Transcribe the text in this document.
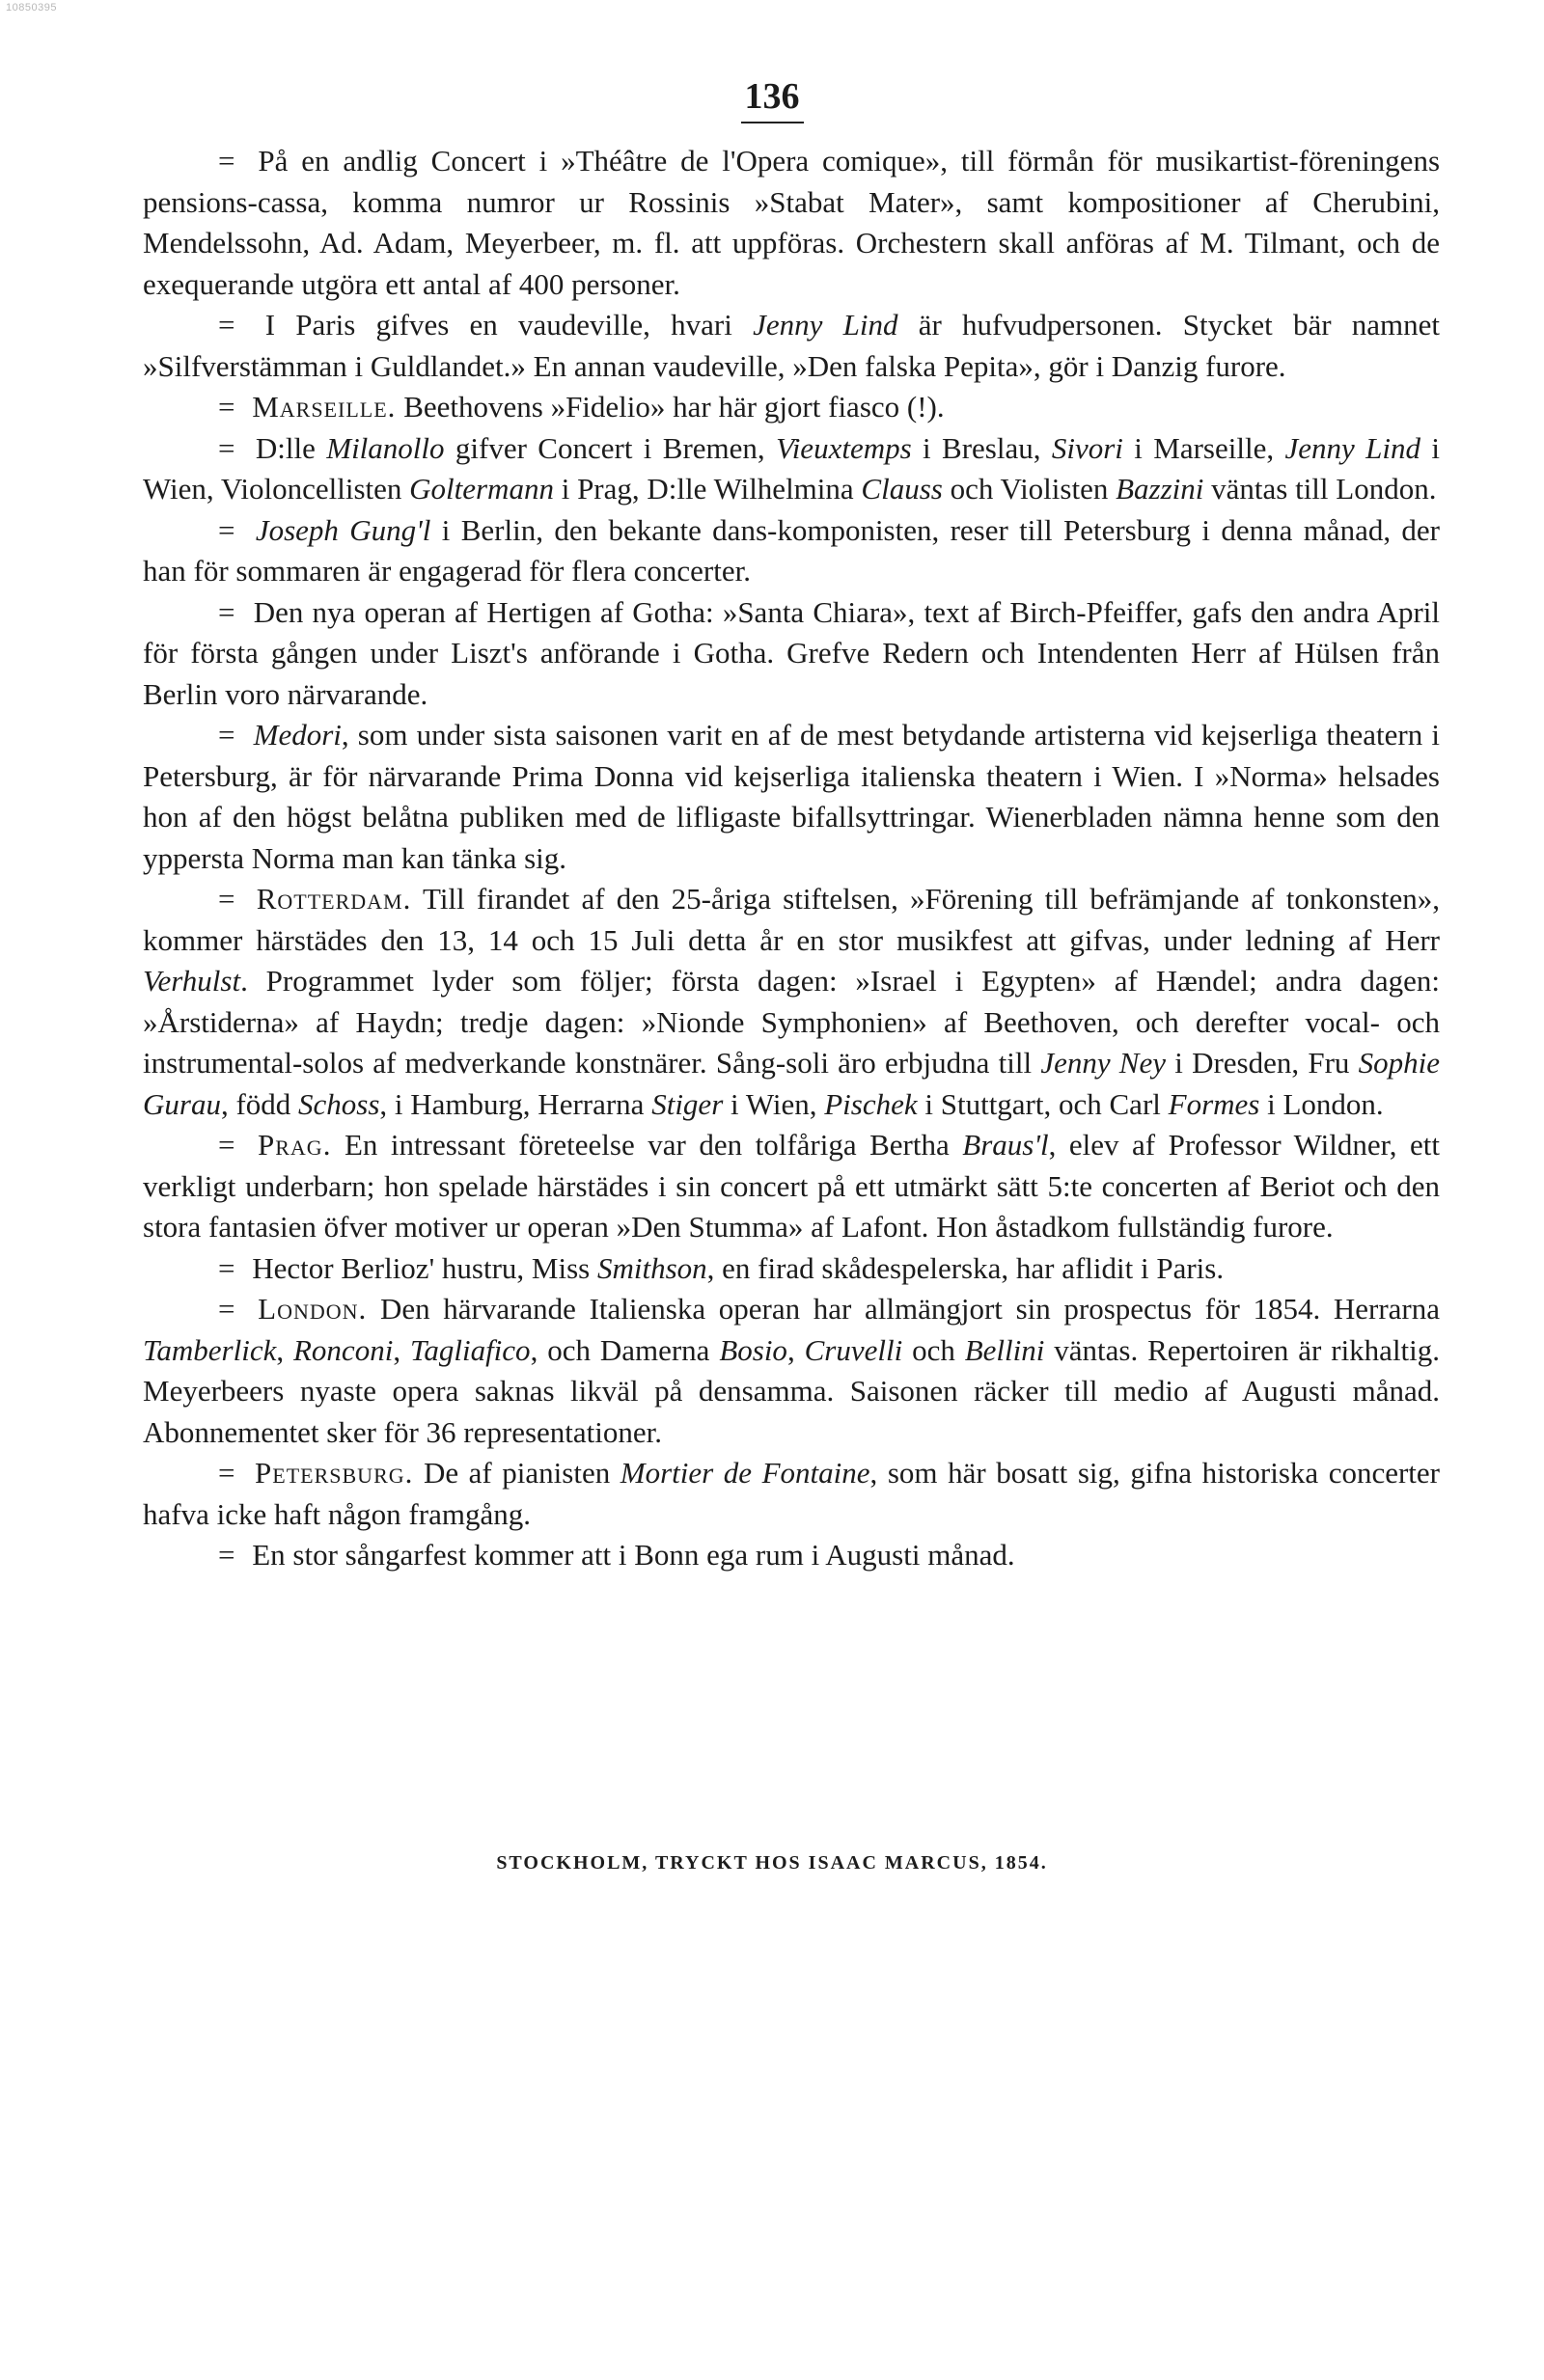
10850395
136

= På en andlig Concert i »Théâtre de l'Opera comique», till förmån för musikartist-föreningens pensions-cassa, komma numror ur Rossinis »Stabat Mater», samt kompositioner af Cherubini, Mendelssohn, Ad. Adam, Meyerbeer, m. fl. att uppföras. Orchestern skall anföras af M. Tilmant, och de exequerande utgöra ett antal af 400 personer.

= I Paris gifves en vaudeville, hvari Jenny Lind är hufvudpersonen. Stycket bär namnet »Silfverstämman i Guldlandet.» En annan vaudeville, »Den falska Pepita», gör i Danzig furore.

= Marseille. Beethovens »Fidelio» har här gjort fiasco (!).

= D:lle Milanollo gifver Concert i Bremen, Vieuxtemps i Breslau, Sivori i Marseille, Jenny Lind i Wien, Violoncellisten Goltermann i Prag, D:lle Wilhelmina Clauss och Violisten Bazzini väntas till London.

= Joseph Gung'l i Berlin, den bekante dans-komponisten, reser till Petersburg i denna månad, der han för sommaren är engagerad för flera concerter.

= Den nya operan af Hertigen af Gotha: »Santa Chiara», text af Birch-Pfeiffer, gafs den andra April för första gången under Liszt's anförande i Gotha. Grefve Redern och Intendenten Herr af Hülsen från Berlin voro närvarande.

= Medori, som under sista saisonen varit en af de mest betydande artisterna vid kejserliga theatern i Petersburg, är för närvarande Prima Donna vid kejserliga italienska theatern i Wien. I »Norma» helsades hon af den högst belåtna publiken med de lifligaste bifallsyttringar. Wienerbladen nämna henne som den yppersta Norma man kan tänka sig.

= Rotterdam. Till firandet af den 25-åriga stiftelsen, »Förening till befrämjande af tonkonsten», kommer härstädes den 13, 14 och 15 Juli detta år en stor musikfest att gifvas, under ledning af Herr Verhulst. Programmet lyder som följer; första dagen: »Israel i Egypten» af Hændel; andra dagen: »Årstiderna» af Haydn; tredje dagen: »Nionde Symphonien» af Beethoven, och derefter vocal- och instrumental-solos af medverkande konstnärer. Sång-soli äro erbjudna till Jenny Ney i Dresden, Fru Sophie Gurau, född Schoss, i Hamburg, Herrarna Stiger i Wien, Pischek i Stuttgart, och Carl Formes i London.

= Prag. En intressant företeelse var den tolfåriga Bertha Braus'l, elev af Professor Wildner, ett verkligt underbarn; hon spelade härstädes i sin concert på ett utmärkt sätt 5:te concerten af Beriot och den stora fantasien öfver motiver ur operan »Den Stumma» af Lafont. Hon åstadkom fullständig furore.

= Hector Berlioz' hustru, Miss Smithson, en firad skådespelerska, har aflidit i Paris.

= London. Den härvarande Italienska operan har allmängjort sin prospectus för 1854. Herrarna Tamberlick, Ronconi, Tagliafico, och Damerna Bosio, Cruvelli och Bellini väntas. Repertoiren är rikhaltig. Meyerbeers nyaste opera saknas likväl på densamma. Saisonen räcker till medio af Augusti månad. Abonnementet sker för 36 representationer.

= Petersburg. De af pianisten Mortier de Fontaine, som här bosatt sig, gifna historiska concerter hafva icke haft någon framgång.

= En stor sångarfest kommer att i Bonn ega rum i Augusti månad.

STOCKHOLM, TRYCKT HOS ISAAC MARCUS, 1854.
